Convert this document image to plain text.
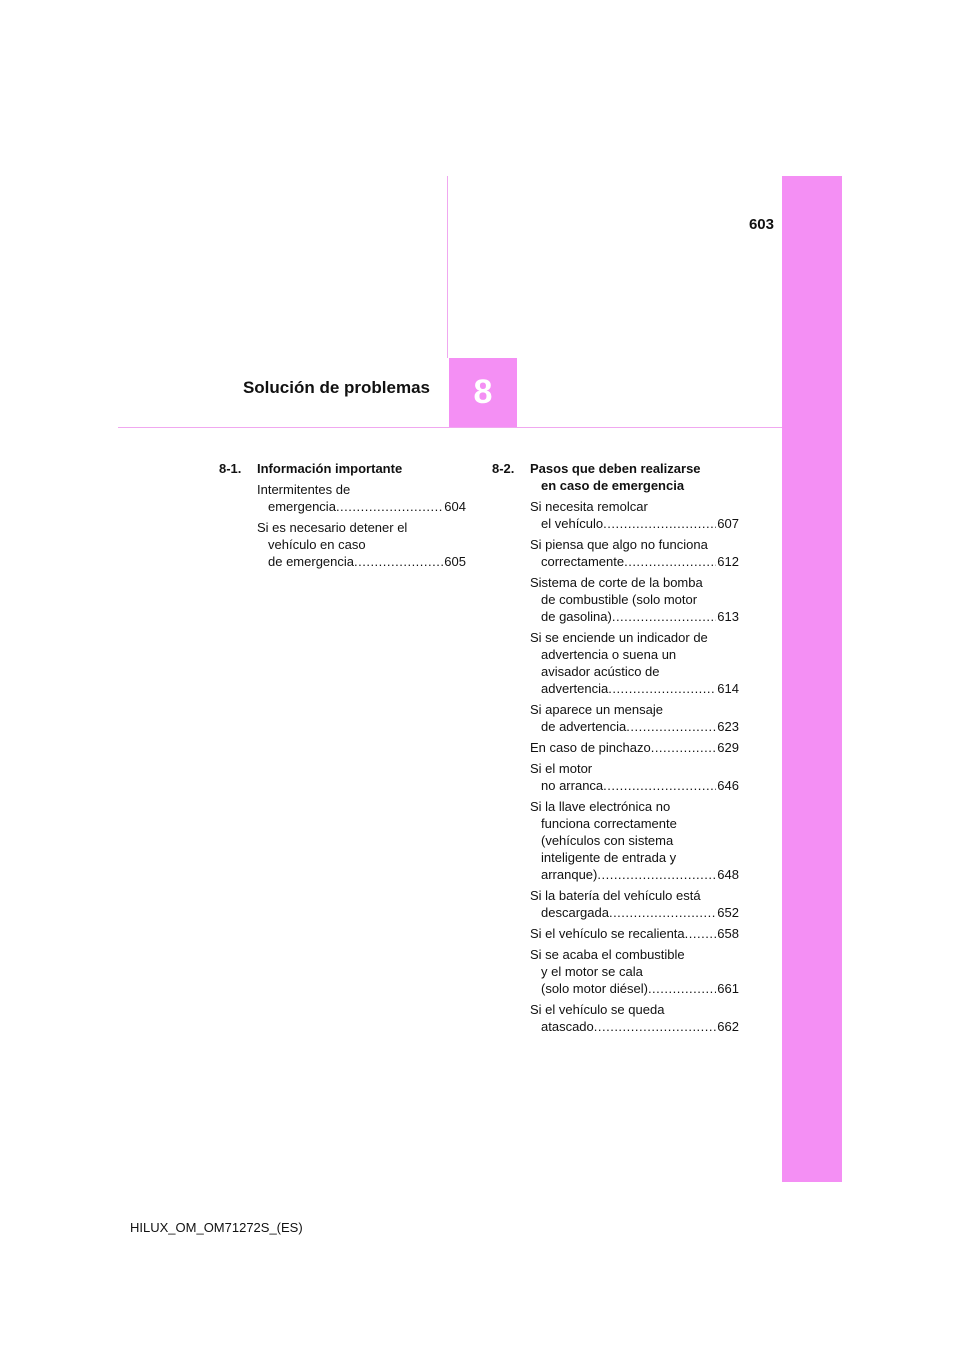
603
Solución de problemas 8
8-1.	Información importante
Intermitentes de
emergencia .....	604
Si es necesario detener el
vehículo en caso
de emergencia .....	605
8-2.	Pasos que deben realizarse
en caso de emergencia
Si necesita remolcar
el vehículo .....	607
Si piensa que algo no funciona
correctamente .....	612
Sistema de corte de la bomba
de combustible (solo motor
de gasolina) .....	613
Si se enciende un indicador de
advertencia o suena un
avisador acústico de
advertencia .....	614
Si aparece un mensaje
de advertencia .....	623
En caso de pinchazo .....	629
Si el motor
no arranca .....	646
Si la llave electrónica no
funciona correctamente
(vehículos con sistema
inteligente de entrada y
arranque) .....	648
Si la batería del vehículo está
descargada .....	652
Si el vehículo se recalienta .....	658
Si se acaba el combustible
y el motor se cala
(solo motor diésel) .....	661
Si el vehículo se queda
atascado .....	662
HILUX_OM_OM71272S_(ES)
